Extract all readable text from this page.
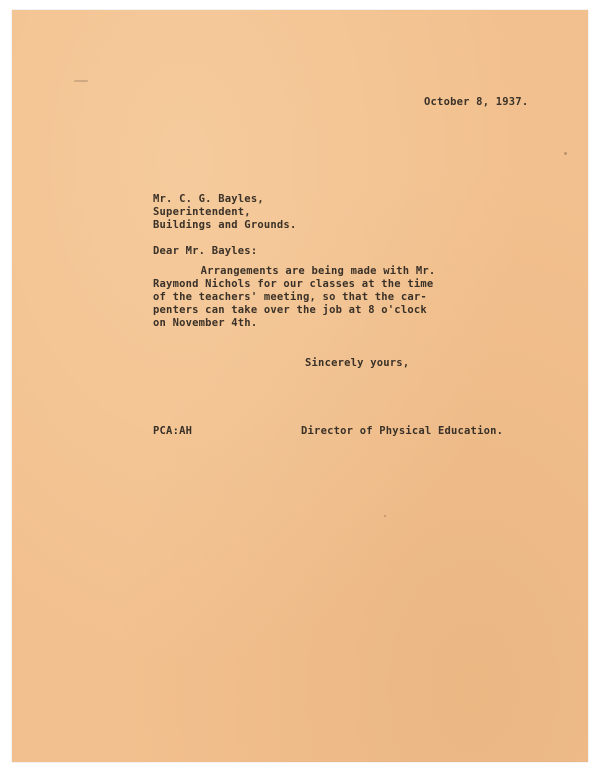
October 8, 1937.
Mr. C. G. Bayles,
Superintendent,
Buildings and Grounds.
Dear Mr. Bayles:
Arrangements are being made with Mr.
Raymond Nichols for our classes at the time
of the teachers' meeting, so that the car-
penters can take over the job at 8 o'clock
on November 4th.
Sincerely yours,
PCA:AH	Director of Physical Education.
